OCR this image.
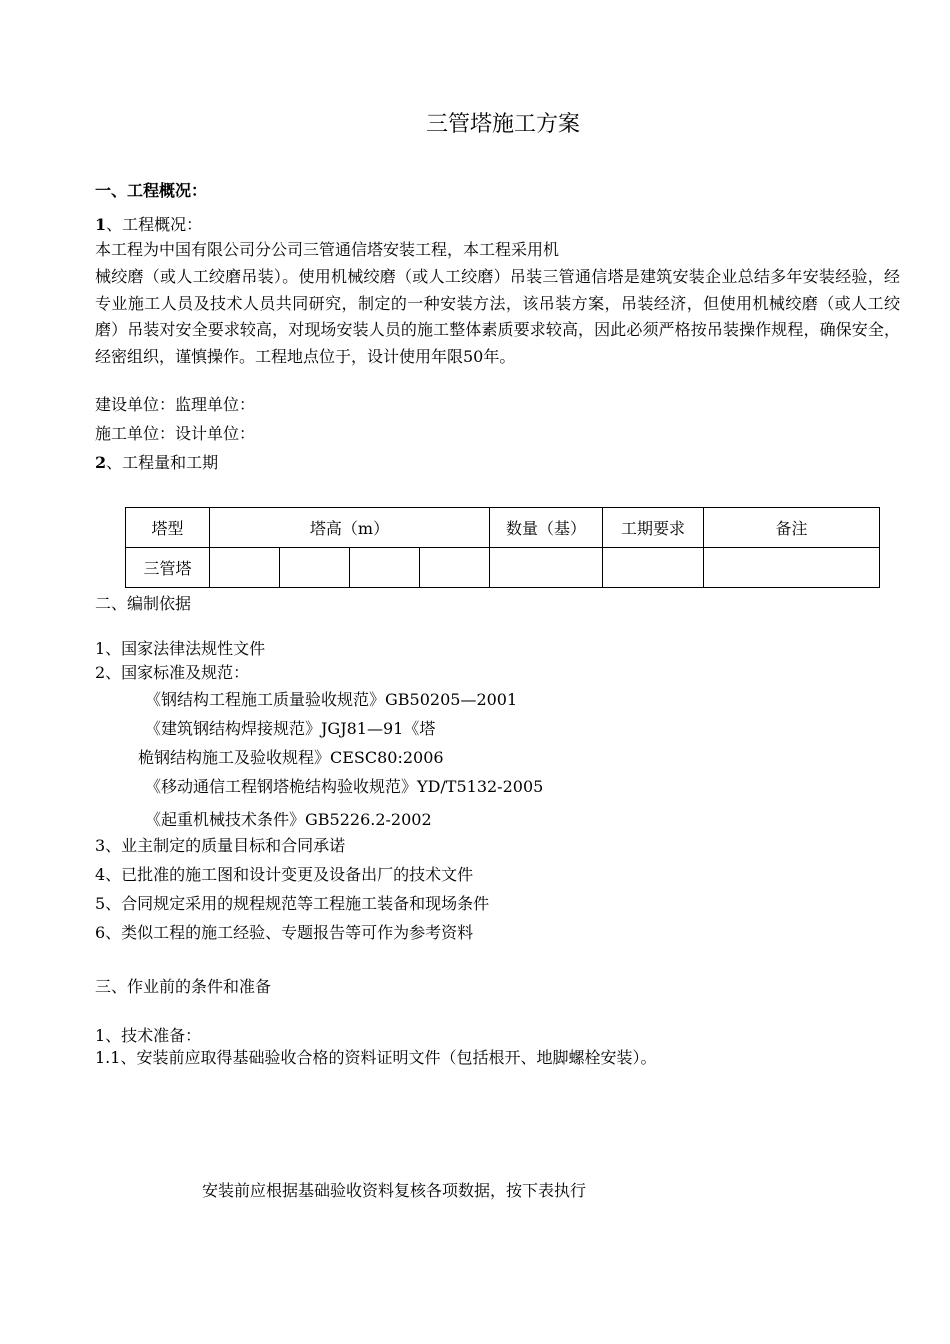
三管塔施工方案
一、工程概况：
1、工程概况：
本工程为中国有限公司分公司三管通信塔安装工程，本工程采用机
械绞磨（或人工绞磨吊装）。使用机械绞磨（或人工绞磨）吊装三管通信塔是建筑安装企业总结多年安装经验，经专业施工人员及技术人员共同研究，制定的一种安装方法，该吊装方案，吊装经济，但使用机械绞磨（或人工绞磨）吊装对安全要求较高，对现场安装人员的施工整体素质要求较高，因此必须严格按吊装操作规程，确保安全，经密组织，谨慎操作。工程地点位于，设计使用年限50年。
建设单位：监理单位：
施工单位：设计单位：
2、工程量和工期
塔型	塔高（m）				数量（基）	工期要求	备注
三管塔							
二、编制依据
1、国家法律法规性文件
2、国家标准及规范：
《钢结构工程施工质量验收规范》GB50205—2001
《建筑钢结构焊接规范》JGJ81—91《塔
桅钢结构施工及验收规程》CESC80:2006
《移动通信工程钢塔桅结构验收规范》YD/T5132-2005
《起重机械技术条件》GB5226.2-2002
3、业主制定的质量目标和合同承诺
4、已批准的施工图和设计变更及设备出厂的技术文件
5、合同规定采用的规程规范等工程施工装备和现场条件
6、类似工程的施工经验、专题报告等可作为参考资料
三、作业前的条件和准备
1、技术准备：
1.1、安装前应取得基础验收合格的资料证明文件（包括根开、地脚螺栓安装）。
安装前应根据基础验收资料复核各项数据，按下表执行
